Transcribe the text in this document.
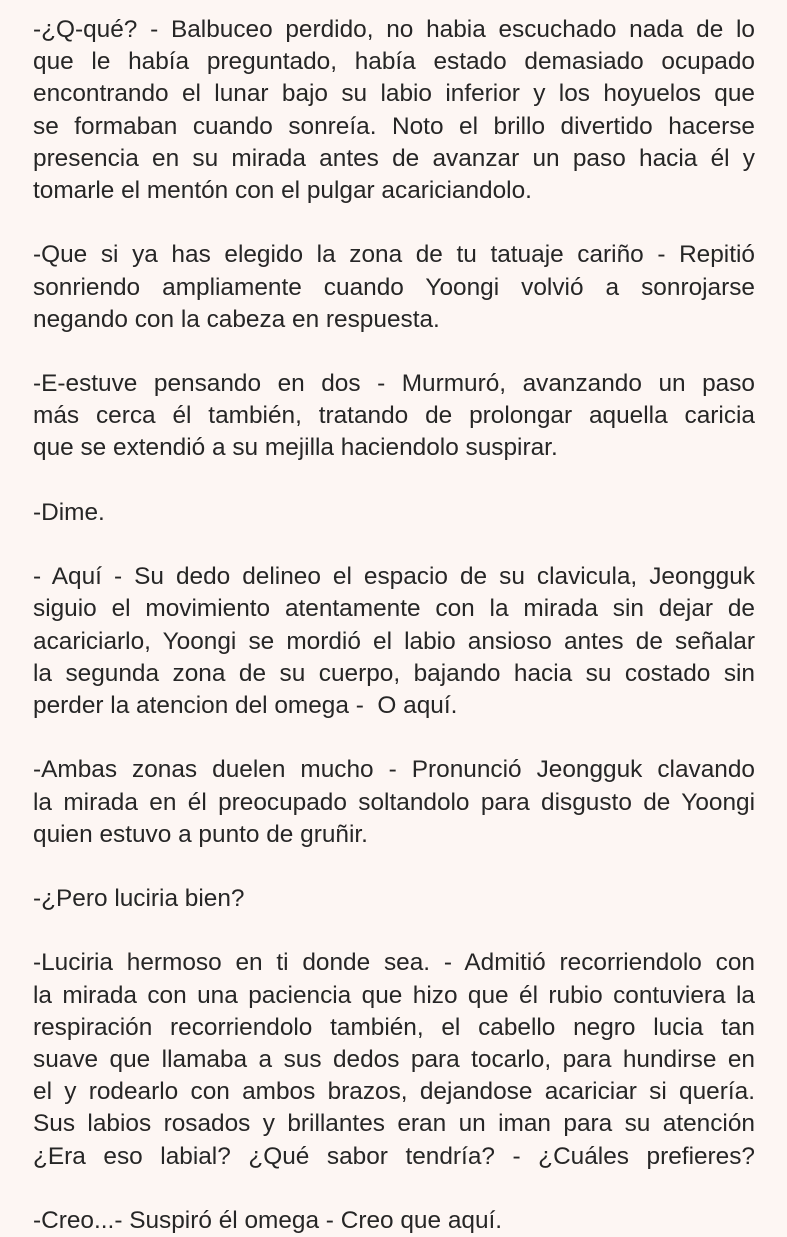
-¿Q-qué? - Balbuceo perdido, no habia escuchado nada de lo
que le había preguntado, había estado demasiado ocupado
encontrando el lunar bajo su labio inferior y los hoyuelos que
se formaban cuando sonreía. Noto el brillo divertido hacerse
presencia en su mirada antes de avanzar un paso hacia él y
tomarle el mentón con el pulgar acariciandolo.
-Que si ya has elegido la zona de tu tatuaje cariño - Repitió
sonriendo ampliamente cuando Yoongi volvió a sonrojarse
negando con la cabeza en respuesta.
-E-estuve pensando en dos - Murmuró, avanzando un paso
más cerca él también, tratando de prolongar aquella caricia
que se extendió a su mejilla haciendolo suspirar.
-Dime.
- Aquí - Su dedo delineo el espacio de su clavicula, Jeongguk
siguio el movimiento atentamente con la mirada sin dejar de
acariciarlo, Yoongi se mordió el labio ansioso antes de señalar
la segunda zona de su cuerpo, bajando hacia su costado sin
perder la atencion del omega -  O aquí.
-Ambas zonas duelen mucho - Pronunció Jeongguk clavando
la mirada en él preocupado soltandolo para disgusto de Yoongi
quien estuvo a punto de gruñir.
-¿Pero luciria bien?
-Luciria hermoso en ti donde sea. - Admitió recorriendolo con
la mirada con una paciencia que hizo que él rubio contuviera la
respiración recorriendolo también, el cabello negro lucia tan
suave que llamaba a sus dedos para tocarlo, para hundirse en
el y rodearlo con ambos brazos, dejandose acariciar si quería.
Sus labios rosados y brillantes eran un iman para su atención
¿Era eso labial? ¿Qué sabor tendría? - ¿Cuáles prefieres?
-Creo...- Suspiró él omega - Creo que aquí.
